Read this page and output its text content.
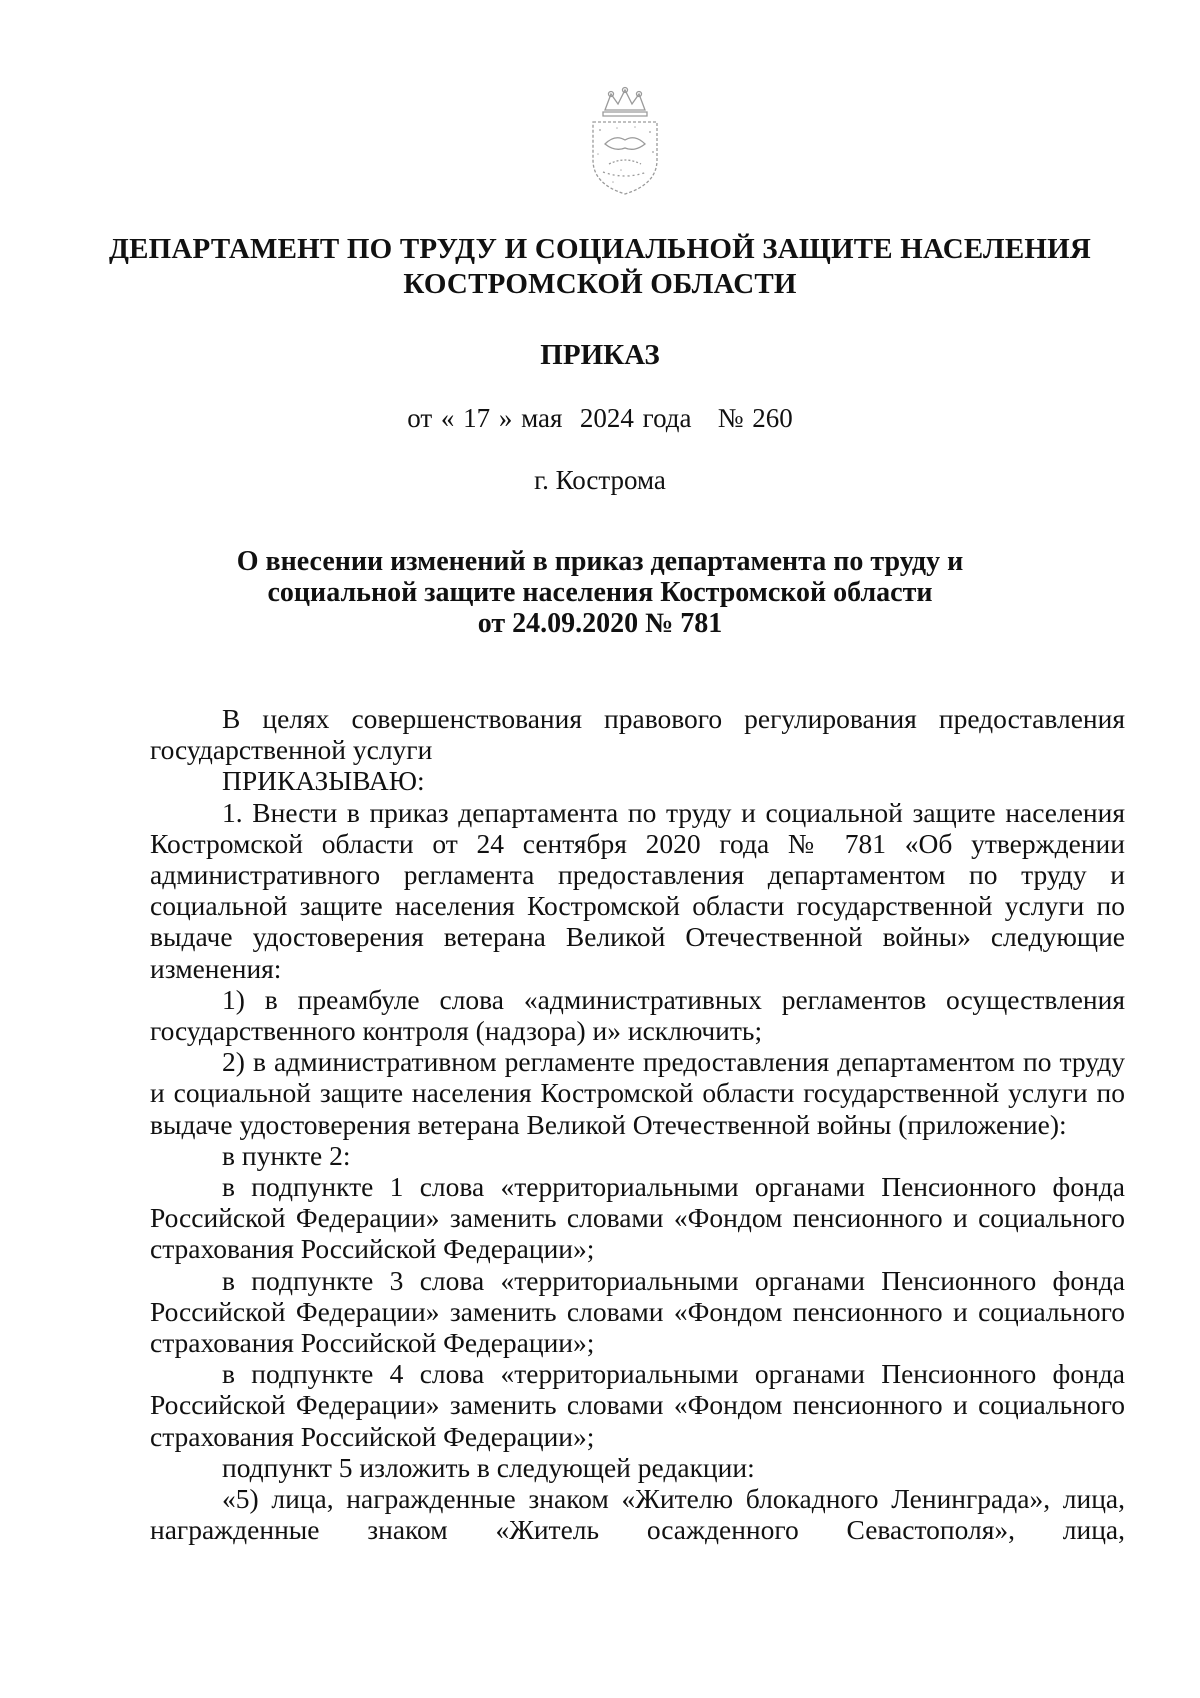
ДЕПАРТАМЕНТ ПО ТРУДУ И СОЦИАЛЬНОЙ ЗАЩИТЕ НАСЕЛЕНИЯ
КОСТРОМСКОЙ ОБЛАСТИ
ПРИКАЗ
от « 17 » мая  2024 года   № 260
г. Кострома
О внесении изменений в приказ департамента по труду и
социальной защите населения Костромской области
от 24.09.2020 № 781

В целях совершенствования правового регулирования предоставления государственной услуги

ПРИКАЗЫВАЮ:

1. Внести в приказ департамента по труду и социальной защите населения Костромской области от 24 сентября 2020 года № 781 «Об утверждении административного регламента предоставления департаментом по труду и социальной защите населения Костромской области государственной услуги по выдаче удостоверения ветерана Великой Отечественной войны» следующие изменения:

1) в преамбуле слова «административных регламентов осуществления государственного контроля (надзора) и» исключить;

2) в административном регламенте предоставления департаментом по труду и социальной защите населения Костромской области государственной услуги по выдаче удостоверения ветерана Великой Отечественной войны (приложение):

в пункте 2:

в подпункте 1 слова «территориальными органами Пенсионного фонда Российской Федерации» заменить словами «Фондом пенсионного и социального страхования Российской Федерации»;

в подпункте 3 слова «территориальными органами Пенсионного фонда Российской Федерации» заменить словами «Фондом пенсионного и социального страхования Российской Федерации»;

в подпункте 4 слова «территориальными органами Пенсионного фонда Российской Федерации» заменить словами «Фондом пенсионного и социального страхования Российской Федерации»;

подпункт 5 изложить в следующей редакции:

«5) лица, награжденные знаком «Жителю блокадного Ленинграда», лица, награжденные знаком «Житель осажденного Севастополя», лица,
